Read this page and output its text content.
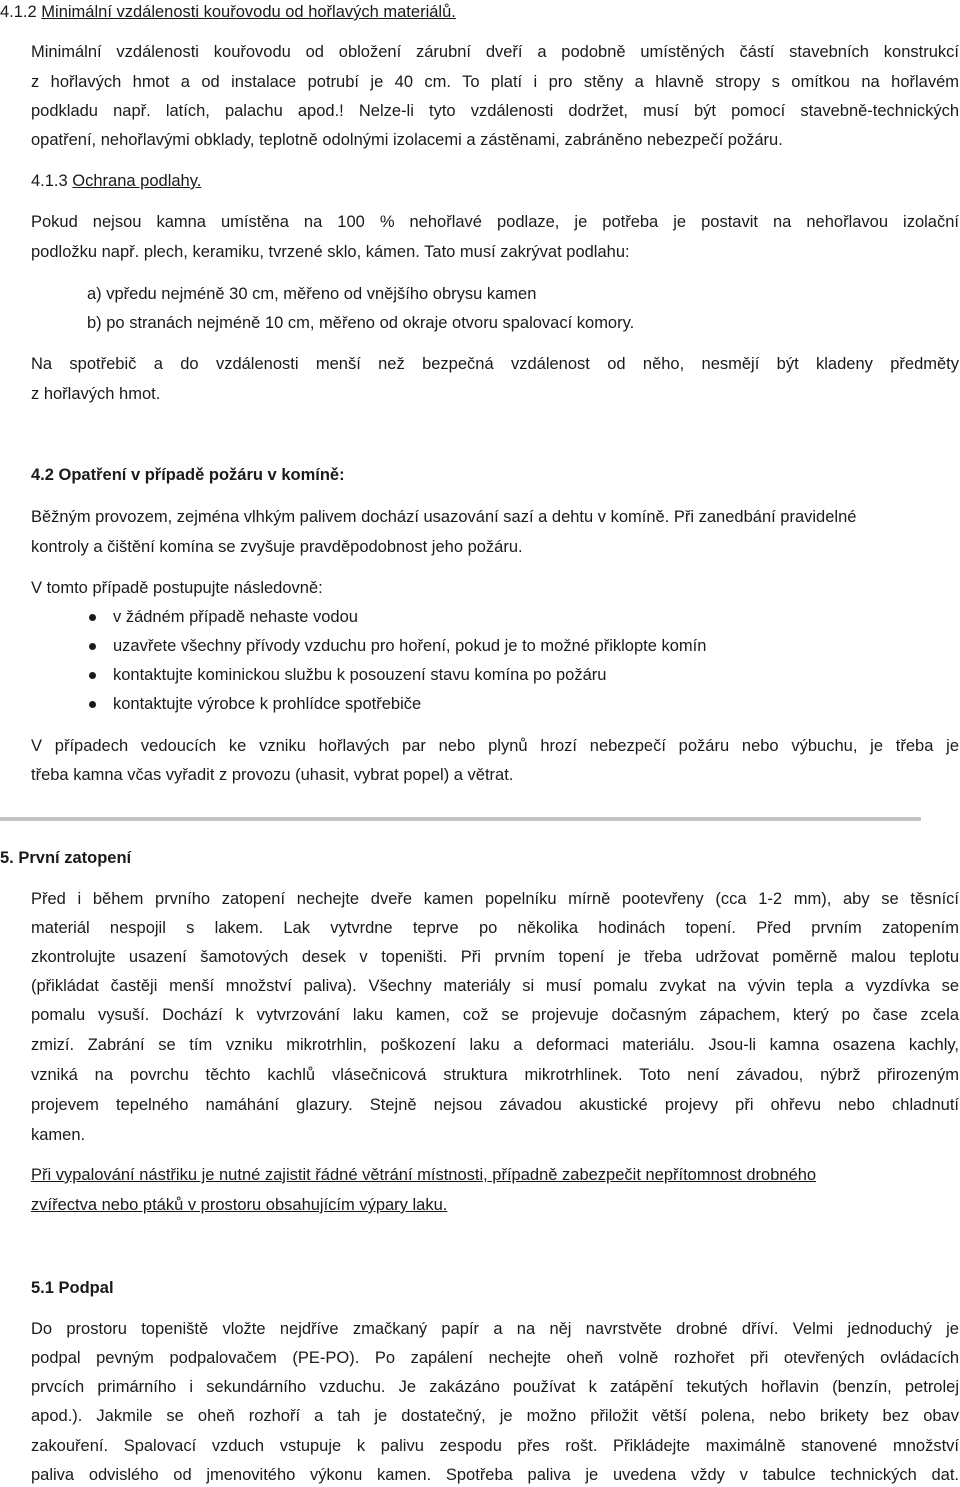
4.1.2 Minimální vzdálenosti kouřovodu od hořlavých materiálů.
Minimální vzdálenosti kouřovodu od obložení zárubní dveří a podobně umístěných částí stavebních konstrukcí
z hořlavých hmot a od instalace potrubí je 40 cm. To platí i pro stěny a hlavně stropy s omítkou na hořlavém
podkladu např. latích, palachu apod.! Nelze-li tyto vzdálenosti dodržet, musí být pomocí stavebně-technických
opatření, nehořlavými obklady, teplotně odolnými izolacemi a zástěnami, zabráněno nebezpečí požáru.
4.1.3 Ochrana podlahy.
Pokud nejsou kamna umístěna na 100 % nehořlavé podlaze, je potřeba je postavit na nehořlavou izolační
podložku např. plech, keramiku, tvrzené sklo, kámen. Tato musí zakrývat podlahu:
a) vpředu nejméně 30 cm, měřeno od vnějšího obrysu kamen
b) po stranách nejméně 10 cm, měřeno od okraje otvoru spalovací komory.
Na spotřebič a do vzdálenosti menší než bezpečná vzdálenost od něho, nesmějí být kladeny předměty
z hořlavých hmot.
4.2 Opatření v případě požáru v komíně:
Běžným provozem, zejména vlhkým palivem dochází usazování sazí a dehtu v komíně. Při zanedbání pravidelné
kontroly a čištění komína se zvyšuje pravděpodobnost jeho požáru.
V tomto případě postupujte následovně:
v žádném případě nehaste vodou
uzavřete všechny přívody vzduchu pro hoření, pokud je to možné přiklopte komín
kontaktujte kominickou službu k posouzení stavu komína po požáru
kontaktujte výrobce k prohlídce spotřebiče
V případech vedoucích ke vzniku hořlavých par nebo plynů hrozí nebezpečí požáru nebo výbuchu, je třeba je
třeba kamna včas vyřadit z provozu (uhasit, vybrat popel) a větrat.
5. První zatopení
Před i během prvního zatopení nechejte dveře kamen popelníku mírně pootevřeny (cca 1-2 mm), aby se těsnící
materiál nespojil s lakem. Lak vytvrdne teprve po několika hodinách topení. Před prvním zatopením
zkontrolujte usazení šamotových desek v topeništi. Při prvním topení je třeba udržovat poměrně malou teplotu
(přikládat častěji menší množství paliva). Všechny materiály si musí pomalu zvykat na vývin tepla a vyzdívka se
pomalu vysuší. Dochází k vytvrzování laku kamen, což se projevuje dočasným zápachem, který po čase zcela
zmizí. Zabrání se tím vzniku mikrotrhlin, poškození laku a deformaci materiálu. Jsou-li kamna osazena kachly,
vzniká na povrchu těchto kachlů vlásečnicová struktura mikrotrhlinek. Toto není závadou, nýbrž přirozeným
projevem tepelného namáhání glazury. Stejně nejsou závadou akustické projevy při ohřevu nebo chladnutí
kamen.
Při vypalování nástřiku je nutné zajistit řádné větrání místnosti, případně zabezpečit nepřítomnost drobného
zvířectva nebo ptáků v prostoru obsahujícím výpary laku.
5.1 Podpal
Do prostoru topeniště vložte nejdříve zmačkaný papír a na něj navrstvěte drobné dříví. Velmi jednoduchý je
podpal pevným podpalovačem (PE-PO). Po zapálení nechejte oheň volně rozhořet při otevřených ovládacích
prvcích primárního i sekundárního vzduchu. Je zakázáno používat k zatápění tekutých hořlavin (benzín, petrolej
apod.). Jakmile se oheň rozhoří a tah je dostatečný, je možno přiložit větší polena, nebo brikety bez obav
zakouření. Spalovací vzduch vstupuje k palivu zespodu přes rošt. Přikládejte maximálně stanovené množství
paliva odvislého od jmenovitého výkonu kamen. Spotřeba paliva je uvedena vždy v tabulce technických dat.
